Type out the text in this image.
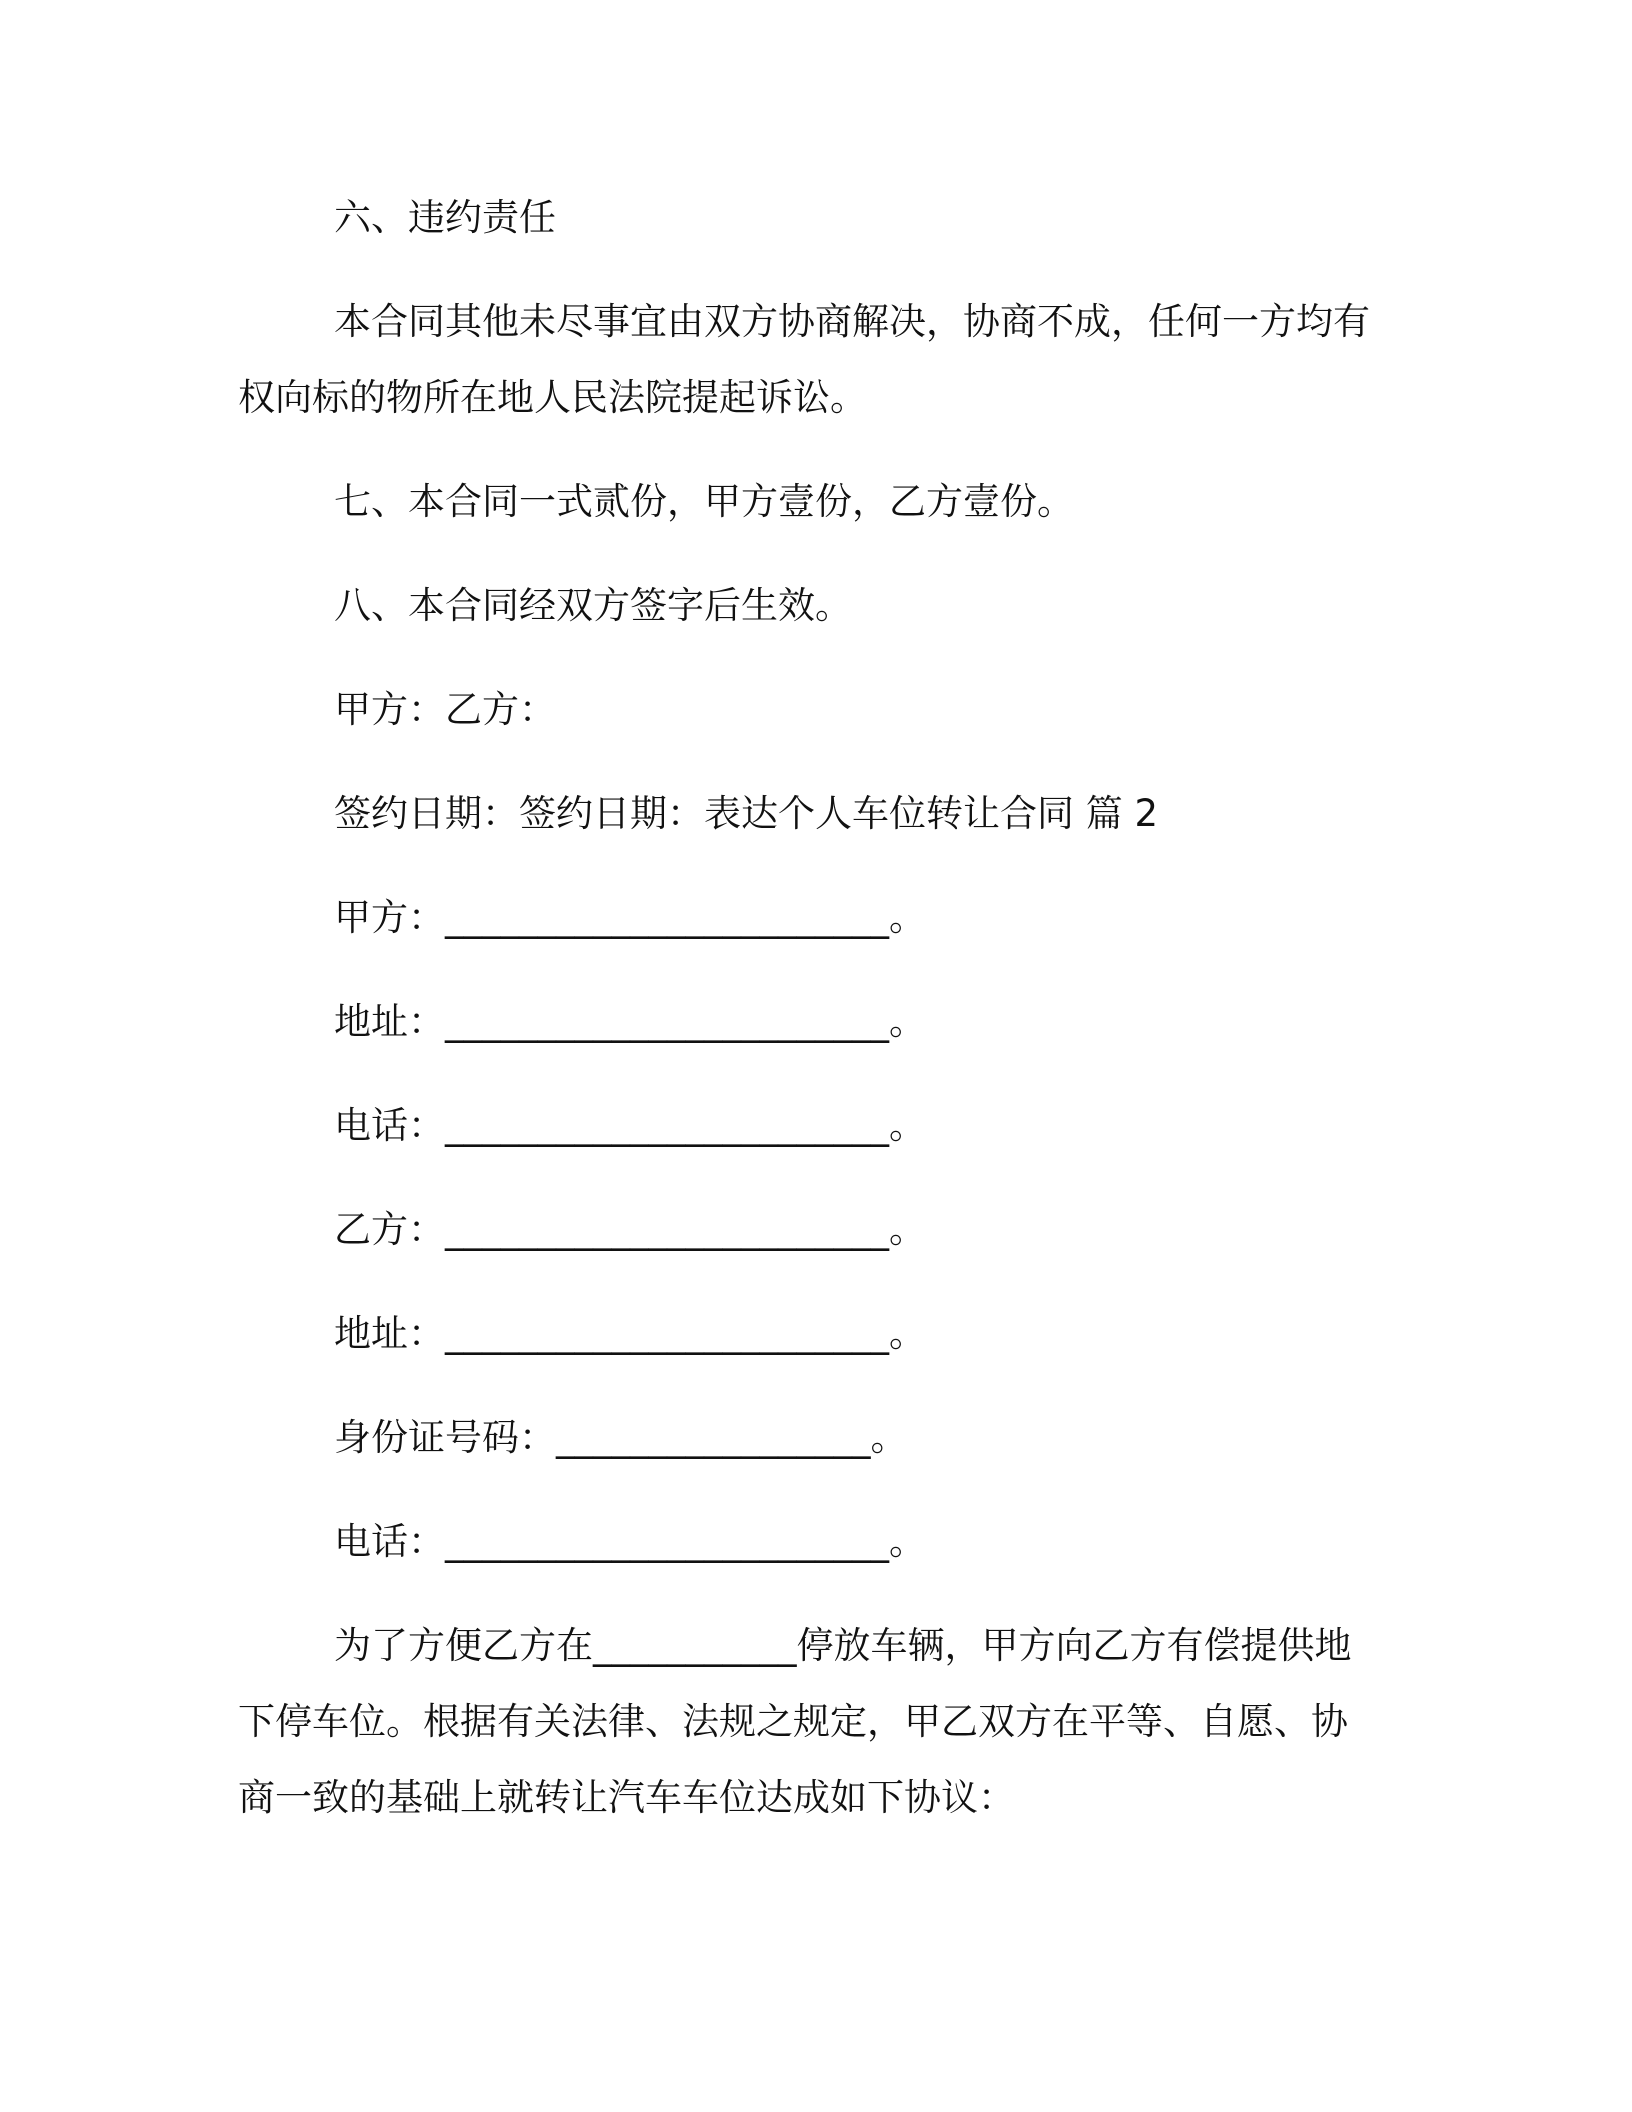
六、违约责任
本合同其他未尽事宜由双方协商解决，协商不成，任何一方均有
权向标的物所在地人民法院提起诉讼。
七、本合同一式贰份，甲方壹份，乙方壹份。
八、本合同经双方签字后生效。
甲方：乙方：
签约日期：签约日期：表达个人车位转让合同 篇 2
甲方：________________________。
地址：________________________。
电话：________________________。
乙方：________________________。
地址：________________________。
身份证号码：_________________。
电话：________________________。
为了方便乙方在___________停放车辆，甲方向乙方有偿提供地
下停车位。根据有关法律、法规之规定，甲乙双方在平等、自愿、协
商一致的基础上就转让汽车车位达成如下协议：
